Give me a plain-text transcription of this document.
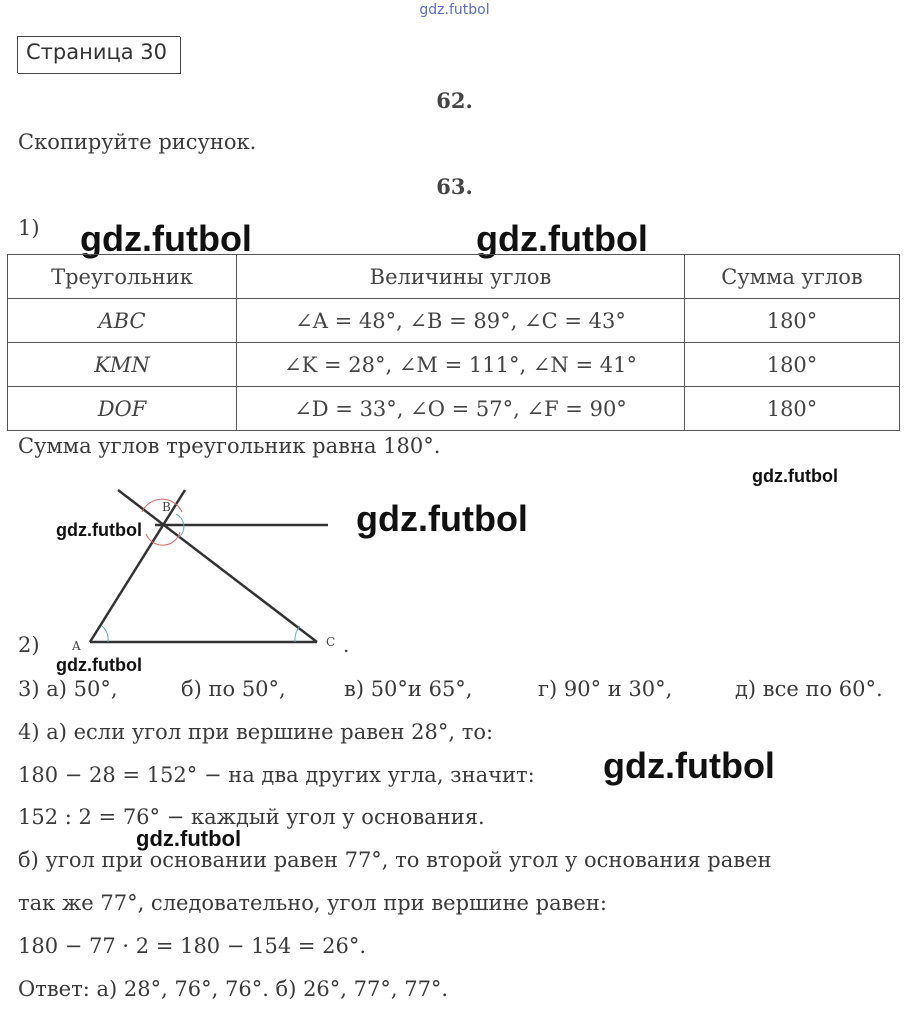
gdz.futbol
Страница 30
62.
Скопируйте рисунок.
63.
1) gdz.futbol	gdz.futbol
Треугольник	Величины углов	Сумма углов
ABC	∠A = 48°, ∠B = 89°, ∠C = 43°	180°
KMN	∠K = 28°, ∠M = 111°, ∠N = 41°	180°
DOF	∠D = 33°, ∠O = 57°, ∠F = 90°	180°
Сумма углов треугольник равна 180°.
gdz.futbol
B
A	C .
gdz.futbol	gdz.futbol
2)
gdz.futbol
3) а) 50°,	б) по 50°,	в) 50°и 65°,	г) 90° и 30°,	д) все по 60°.
4) а) если угол при вершине равен 28°, то:
180 − 28 = 152° − на два других угла, значит: gdz.futbol
152 : 2 = 76° − каждый угол у основания.
gdz.futbol
б) угол при основании равен 77°, то второй угол у основания равен
так же 77°, следовательно, угол при вершине равен:
180 − 77 · 2 = 180 − 154 = 26°.
Ответ: а) 28°, 76°, 76°. б) 26°, 77°, 77°.
